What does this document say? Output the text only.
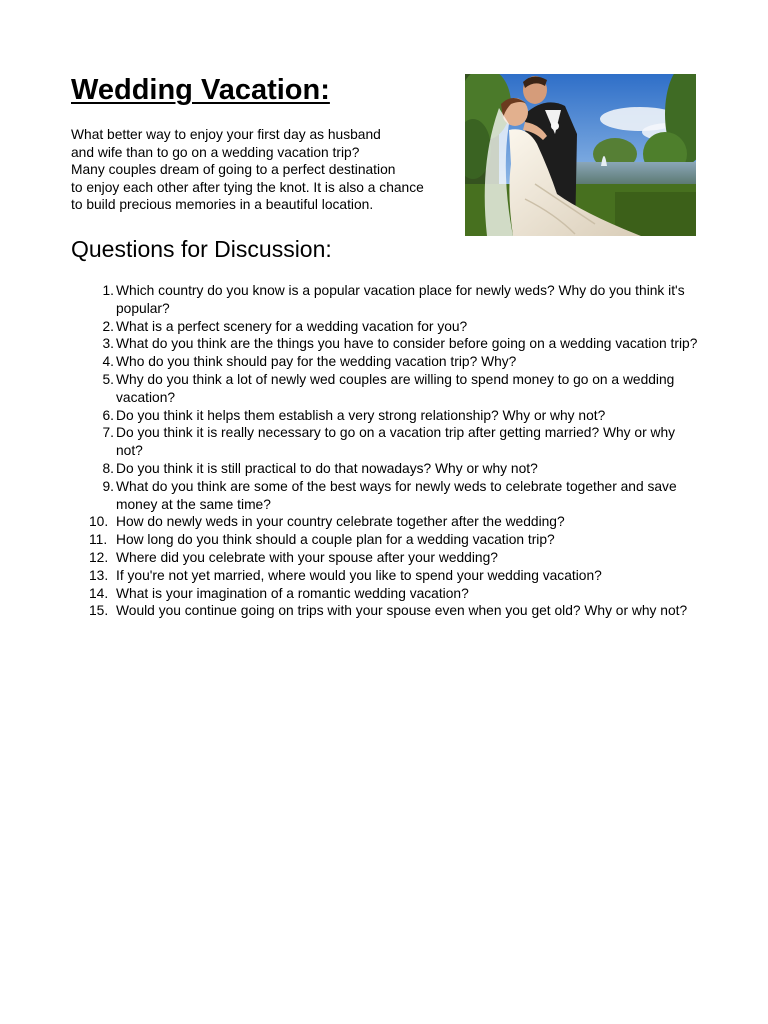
Wedding Vacation:
What better way to enjoy your first day as husband
and wife than to go on a wedding vacation trip?
Many couples dream of going to a perfect destination
to enjoy each other after tying the knot. It is also a chance
to build precious memories in a beautiful location.
Questions for Discussion:
1. Which country do you know is a popular vacation place for newly weds? Why do you think it's popular?
2. What is a perfect scenery for a wedding vacation for you?
3. What do you think are the things you have to consider before going on a wedding vacation trip?
4. Who do you think should pay for the wedding vacation trip? Why?
5. Why do you think a lot of newly wed couples are willing to spend money to go on a wedding vacation?
6. Do you think it helps them establish a very strong relationship? Why or why not?
7. Do you think it is really necessary to go on a vacation trip after getting married? Why or why not?
8. Do you think it is still practical to do that nowadays? Why or why not?
9. What do you think are some of the best ways for newly weds to celebrate together and save money at the same time?
10. How do newly weds in your country celebrate together after the wedding?
11. How long do you think should a couple plan for a wedding vacation trip?
12. Where did you celebrate with your spouse after your wedding?
13. If you're not yet married, where would you like to spend your wedding vacation?
14. What is your imagination of a romantic wedding vacation?
15. Would you continue going on trips with your spouse even when you get old? Why or why not?
